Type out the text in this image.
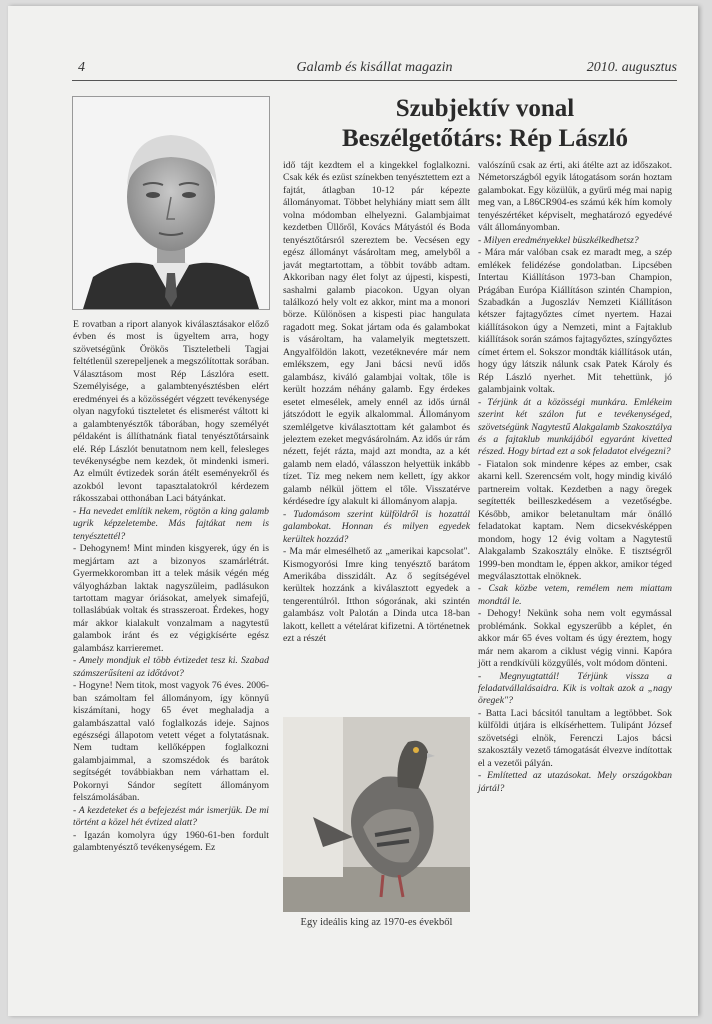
4	Galamb és kisállat magazin	2010. augusztus
Szubjektív vonal
Beszélgetőtárs: Rép László

E rovatban a riport alanyok kiválasztásakor előző évben és most is ügyeltem arra, hogy szövetségünk Örökös Tiszteletbeli Tagjai feltétlenül szerepeljenek a megszólítottak sorában. Választásom most Rép Lászlóra esett. Személyisége, a galambtenyésztésben elért eredményei és a közösségért végzett tevékenysége olyan nagyfokú tiszteletet és elismerést váltott ki a galambtenyésztők táborában, hogy személyét példaként is állíthatnánk fiatal tenyésztőtársaink elé. Rép Lászlót benutatnom nem kell, felesleges tevékenységbe nem kezdek, öt mindenki ismeri. Az elmúlt évtizedek során átélt eseményekről és azokból levont tapasztalatokról kérdezem rákosszabai otthonában Laci bátyánkat.

- Ha nevedet említik nekem, rögtön a king galamb ugrik képzeletembe. Más fajtákat nem is tenyésztettél?

- Dehogynem! Mint minden kisgyerek, úgy én is megjártam azt a bizonyos szamárlétrát. Gyermekkoromban itt a telek másik végén még vályogházban laktak nagyszüleim, padlásukon tartottam magyar óriásokat, amelyek simafejű, tollaslábúak voltak és strasszeroat. Érdekes, hogy már akkor kialakult vonzalmam a nagytestű galambok iránt és ez végigkísérte egész galambász karrieremet.

- Amely mondjuk el több évtizedet tesz ki. Szabad számszerűsíteni az időtávot?

- Hogyne! Nem titok, most vagyok 76 éves. 2006-ban számoltam fel állományom, így könnyű kiszámítani, hogy 65 évet meghaladja a galambászattal való foglalkozás ideje. Sajnos egészségi állapotom vetett véget a folytatásnak. Nem tudtam kellőképpen foglalkozni galambjaimmal, a szomszédok és barátok segítségét továbbiakban nem várhattam el. Pokornyi Sándor segített állományom felszámolásában.

- A kezdeteket és a befejezést már ismerjük. De mi történt a közel hét évtized alatt?

- Igazán komolyra úgy 1960-61-ben fordult galambtenyésztő tevékenységem. Ez

idő tájt kezdtem el a kingekkel foglalkozni. Csak kék és ezüst színekben tenyésztettem ezt a fajtát, átlagban 10-12 pár képezte állományomat. Többet helyhiány miatt sem állt volna módomban elhelyezni. Galambjaimat kezdetben Üllőről, Kovács Mátyástól és Boda tenyésztőtársról szereztem be. Vecsésen egy egész állományt vásároltam meg, amelyből a javát megtartottam, a többit tovább adtam. Akkoriban nagy élet folyt az újpesti, kispesti, sashalmi galamb piacokon. Ugyan olyan találkozó hely volt ez akkor, mint ma a monori börze. Különösen a kispesti piac hangulata ragadott meg. Sokat jártam oda és galambokat is vásároltam, ha valamelyik megtetszett. Angyalföldön lakott, vezetéknevére már nem emlékszem, egy Jani bácsi nevű idős galambász, kiváló galambjai voltak, tőle is került hozzám néhány galamb. Egy érdekes esetet elmesélek, amely ennél az idős úrnál játszódott le egyik alkalommal. Állományom szemlélgetve kiválasztottam két galambot és jeleztem ezeket megvásárolnám. Az idős úr rám nézett, fejét rázta, majd azt mondta, az a két galamb nem eladó, válasszon helyettük inkább tízet. Tíz meg nekem nem kellett, így akkor galamb nélkül jöttem el tőle. Visszatérve kérdésedre így alakult ki állományom alapja.

- Tudomásom szerint külföldről is hozattál galambokat. Honnan és milyen egyedek kerültek hozzád?

- Ma már elmesélhető az „amerikai kapcsolat". Kismogyorósi Imre king tenyésztő barátom Amerikába disszidált. Az ő segítségével kerültek hozzánk a kiválasztott egyedek a tengerentúlról. Itthon sógorának, aki szintén galambász volt Palotán a Dinda utca 18-ban lakott, kellett a vételárat kifizetni. A történetnek ezt a részét

valószínű csak az érti, aki átélte azt az időszakot. Németországból egyik látogatásom során hoztam galambokat. Egy közülük, a gyűrű még mai napig meg van, a L86CR904-es számú kék hím komoly tenyészértéket képviselt, meghatározó egyedévé vált állományomban.

- Milyen eredményekkel büszkélkedhetsz?

- Mára már valóban csak ez maradt meg, a szép emlékek felidézése gondolatban. Lipcsében Intertau Kiállításon 1973-ban Champion, Prágában Európa Kiállításon szintén Champion, Szabadkán a Jugoszláv Nemzeti Kiállításon kétszer fajtagyőztes címet nyertem. Hazai kiállításokon úgy a Nemzeti, mint a Fajtaklub kiállítások során számos fajtagyőztes, színgyőztes címet értem el. Sokszor mondták kiállítások után, hogy úgy látszik nálunk csak Patek Károly és Rép László nyerhet. Mit tehettünk, jó galambjaink voltak.

- Térjünk át a közösségi munkára. Emlékeim szerint két szálon fut e tevékenységed, szövetségünk Nagytestű Alakgalamb Szakosztálya és a fajtaklub munkájából egyaránt kivetted részed. Hogy bírtad ezt a sok feladatot elvégezni?

- Fiatalon sok mindenre képes az ember, csak akarni kell. Szerencsém volt, hogy mindig kiváló partnereim voltak. Kezdetben a nagy öregek segítették beilleszkedésem a vezetőségbe. Később, amikor beletanultam már önálló feladatokat kaptam. Nem dicsekvésképpen mondom, hogy 12 évig voltam a Nagytestű Alakgalamb Szakosztály elnöke. E tisztségről 1999-ben mondtam le, éppen akkor, amikor téged megválasztottak elnöknek.

- Csak közbe vetem, remélem nem miattam mondtál le.

- Dehogy! Nekünk soha nem volt egymással problémánk. Sokkal egyszerűbb a képlet, én akkor már 65 éves voltam és úgy éreztem, hogy már nem akarom a ciklust végig vinni. Kapóra jött a rendkívüli közgyűlés, volt módom dönteni.

- Megnyugtattál! Térjünk vissza a feladatvállalásaidra. Kik is voltak azok a „nagy öregek"?

- Batta Laci bácsitól tanultam a legtöbbet. Sok külföldi útjára is elkísérhettem. Tulipánt József szövetségi elnök, Ferenczi Lajos bácsi szakosztály vezető támogatását élvezve indítottak el a vezetői pályán.

- Említetted az utazásokat. Mely országokban jártál?

Egy ideális king az 1970-es évekből
